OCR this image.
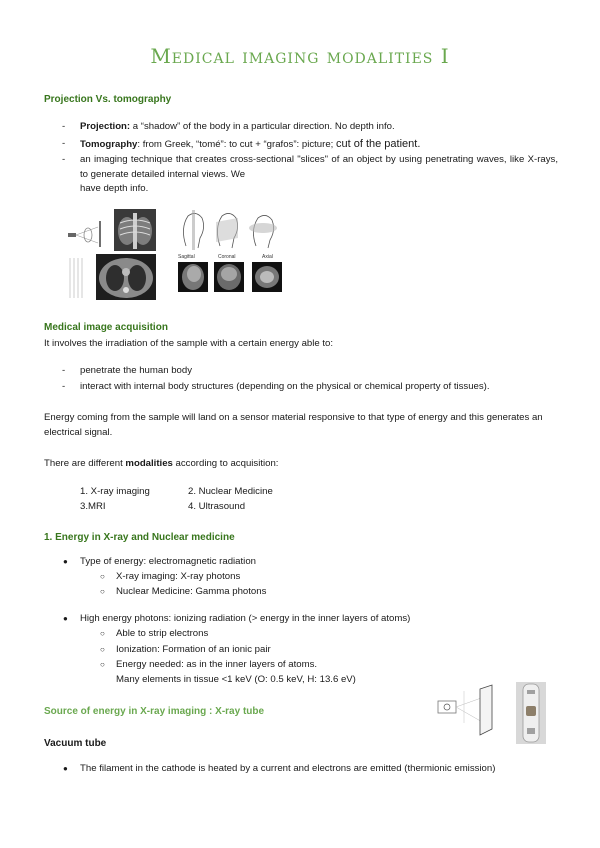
Medical imaging modalities I
Projection Vs. tomography
- Projection: a “shadow” of the body in a particular direction. No depth info.
- Tomography: from Greek, “tomé”: to cut + “grafos”: picture; cut of the patient.
- an imaging technique that creates cross-sectional "slices" of an object by using penetrating waves, like X-rays, to generate detailed internal views. We
have depth info.
Sagittal	Coronal	Axial
Medical image acquisition
It involves the irradiation of the sample with a certain energy able to:
- penetrate the human body
- interact with internal body structures (depending on the physical or chemical property of tissues).
Energy coming from the sample will land on a sensor material responsive to that type of energy and this generates an electrical signal.
There are different modalities according to acquisition:
1. X-ray imaging	2. Nuclear Medicine
3.MRI	4. Ultrasound
1. Energy in X-ray and Nuclear medicine
● Type of energy: electromagnetic radiation
○ X-ray imaging: X-ray photons
○ Nuclear Medicine: Gamma photons
● High energy photons: ionizing radiation (> energy in the inner layers of atoms)
○ Able to strip electrons
○ Ionization: Formation of an ionic pair
○ Energy needed: as in the inner layers of atoms.
Many elements in tissue <1 keV (O: 0.5 keV, H: 13.6 eV)
Source of energy in X-ray imaging : X-ray tube
Vacuum tube
● The filament in the cathode is heated by a current and electrons are emitted (thermionic emission)
